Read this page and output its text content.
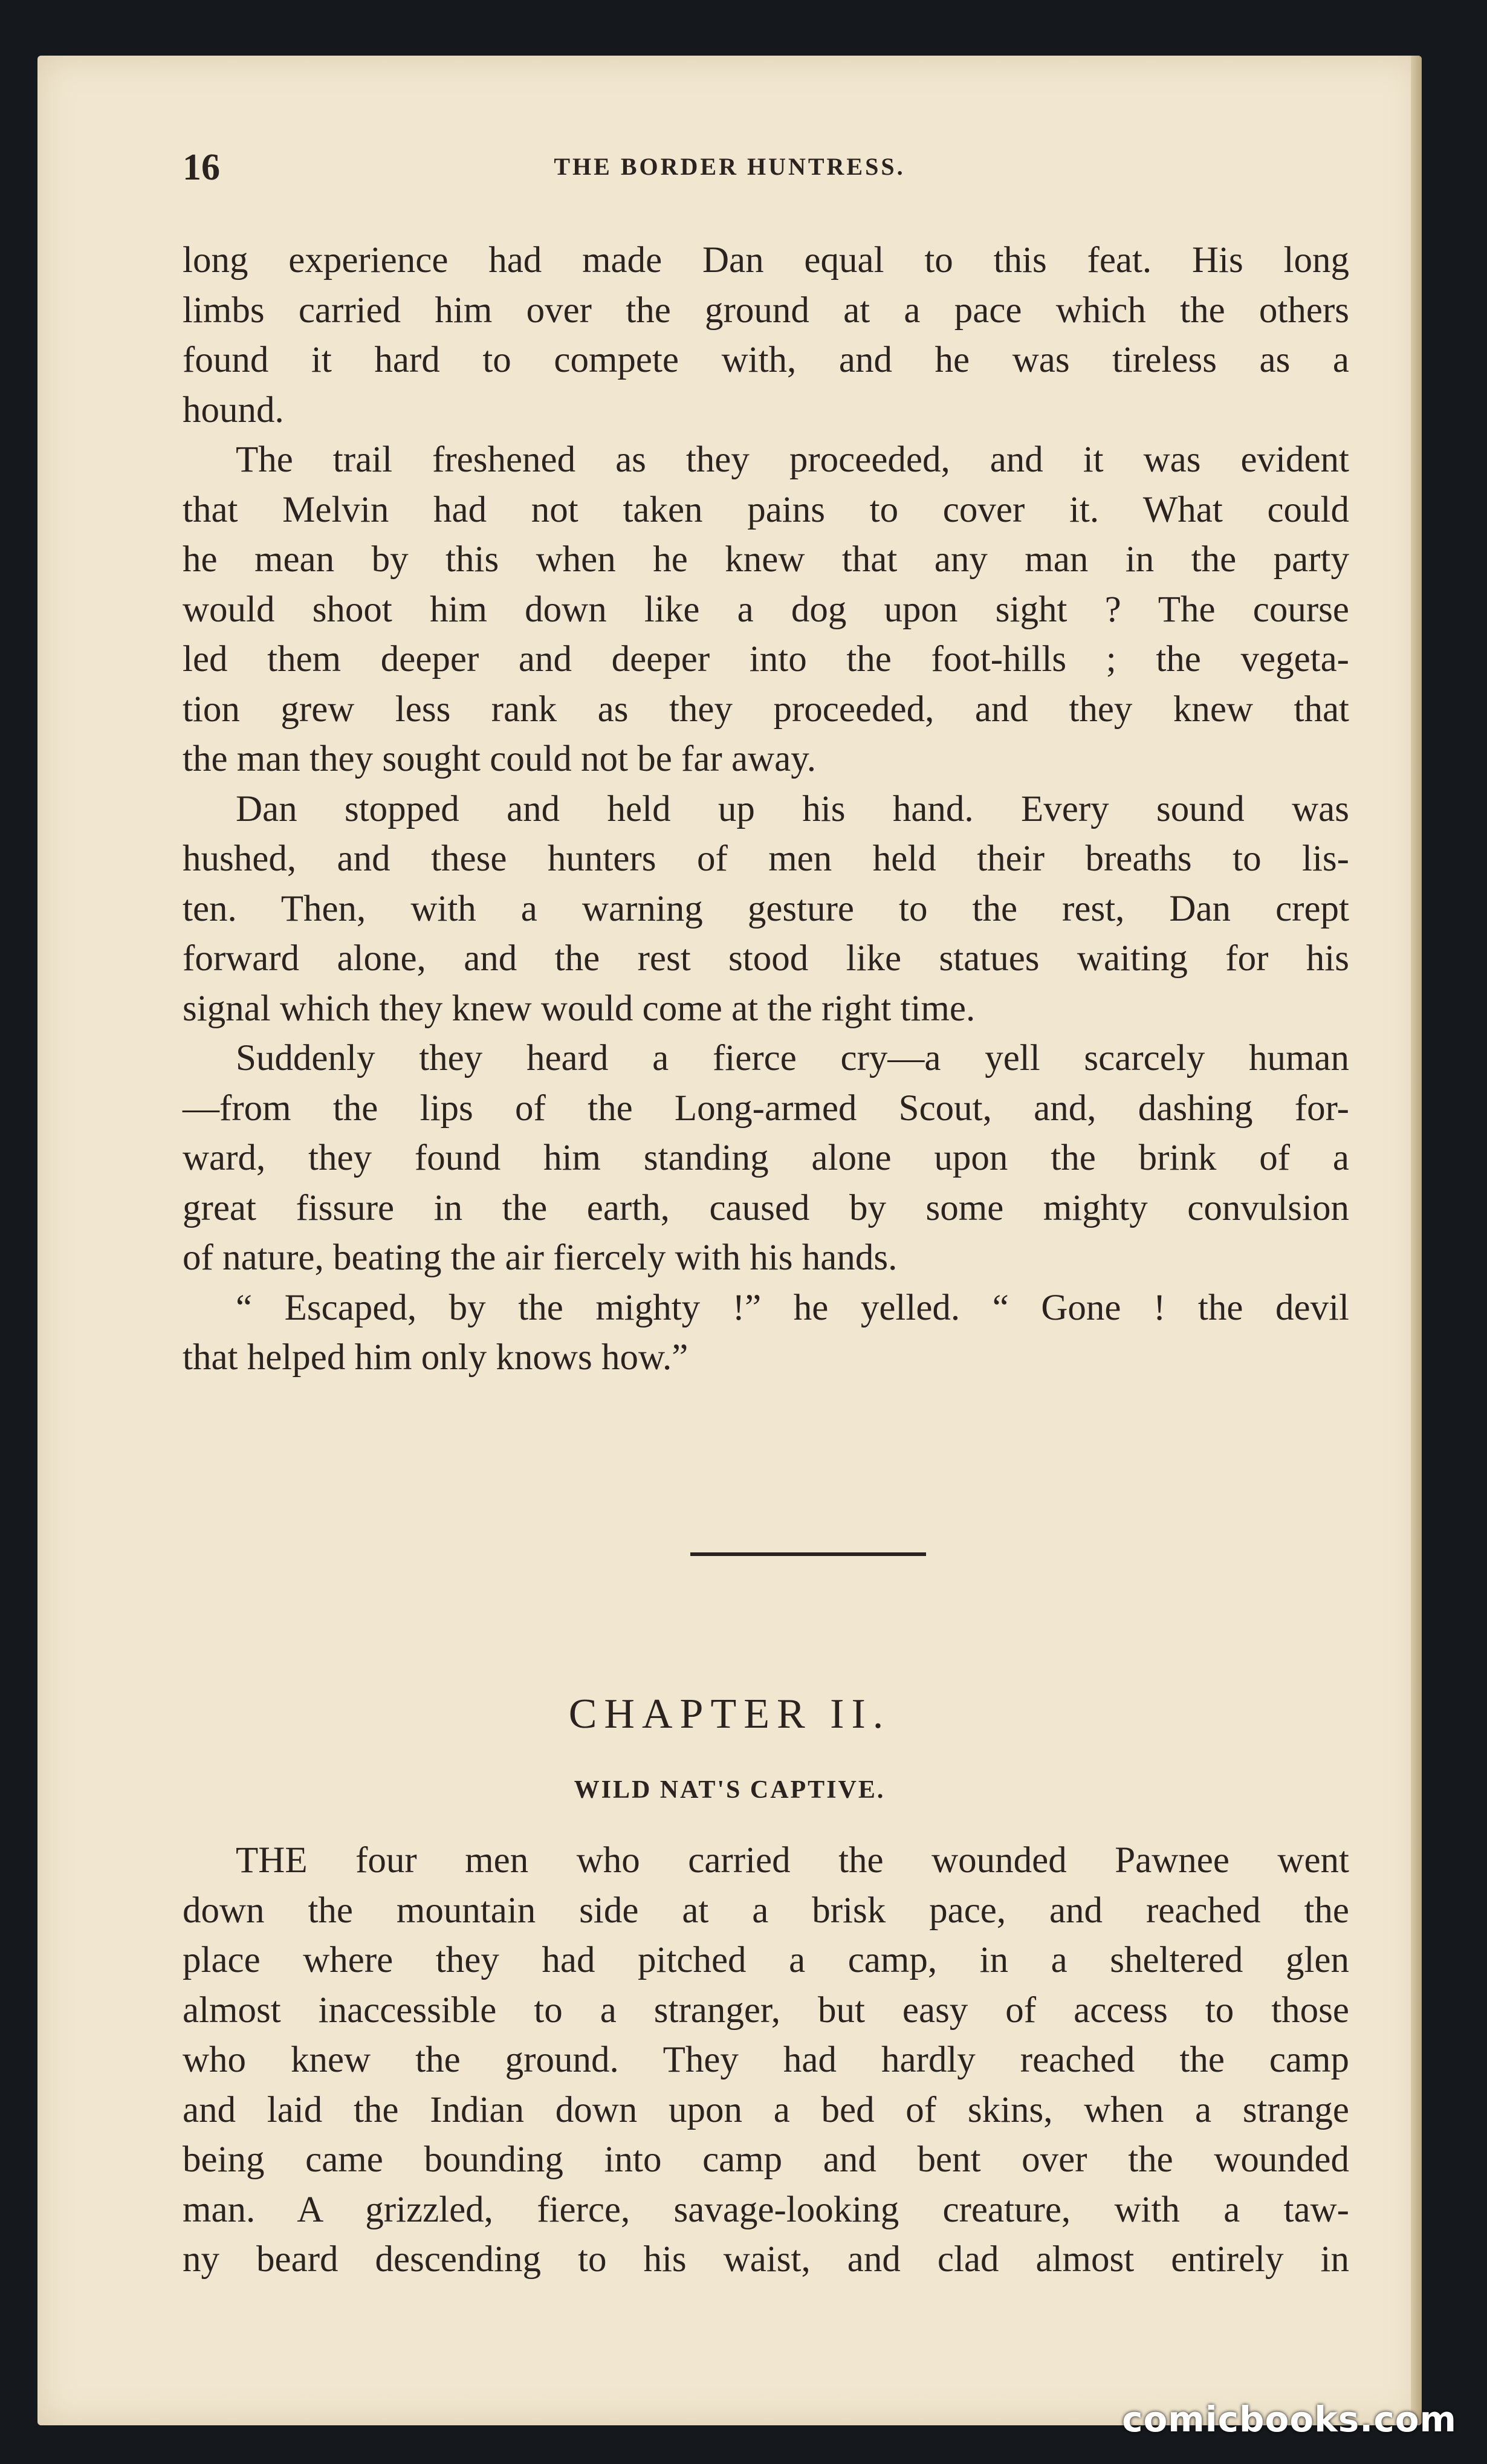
16	THE BORDER HUNTRESS.
long experience had made Dan equal to this feat. His long
limbs carried him over the ground at a pace which the others
found it hard to compete with, and he was tireless as a
hound.
The trail freshened as they proceeded, and it was evident
that Melvin had not taken pains to cover it. What could
he mean by this when he knew that any man in the party
would shoot him down like a dog upon sight ? The course
led them deeper and deeper into the foot-hills ; the vegeta-
tion grew less rank as they proceeded, and they knew that
the man they sought could not be far away.
Dan stopped and held up his hand. Every sound was
hushed, and these hunters of men held their breaths to lis-
ten. Then, with a warning gesture to the rest, Dan crept
forward alone, and the rest stood like statues waiting for his
signal which they knew would come at the right time.
Suddenly they heard a fierce cry—a yell scarcely human
—from the lips of the Long-armed Scout, and, dashing for-
ward, they found him standing alone upon the brink of a
great fissure in the earth, caused by some mighty convulsion
of nature, beating the air fiercely with his hands.
“ Escaped, by the mighty !” he yelled. “ Gone ! the devil
that helped him only knows how.”
CHAPTER II.
WILD NAT'S CAPTIVE.
THE four men who carried the wounded Pawnee went
down the mountain side at a brisk pace, and reached the
place where they had pitched a camp, in a sheltered glen
almost inaccessible to a stranger, but easy of access to those
who knew the ground. They had hardly reached the camp
and laid the Indian down upon a bed of skins, when a strange
being came bounding into camp and bent over the wounded
man. A grizzled, fierce, savage-looking creature, with a taw-
ny beard descending to his waist, and clad almost entirely in
comicbooks.com
